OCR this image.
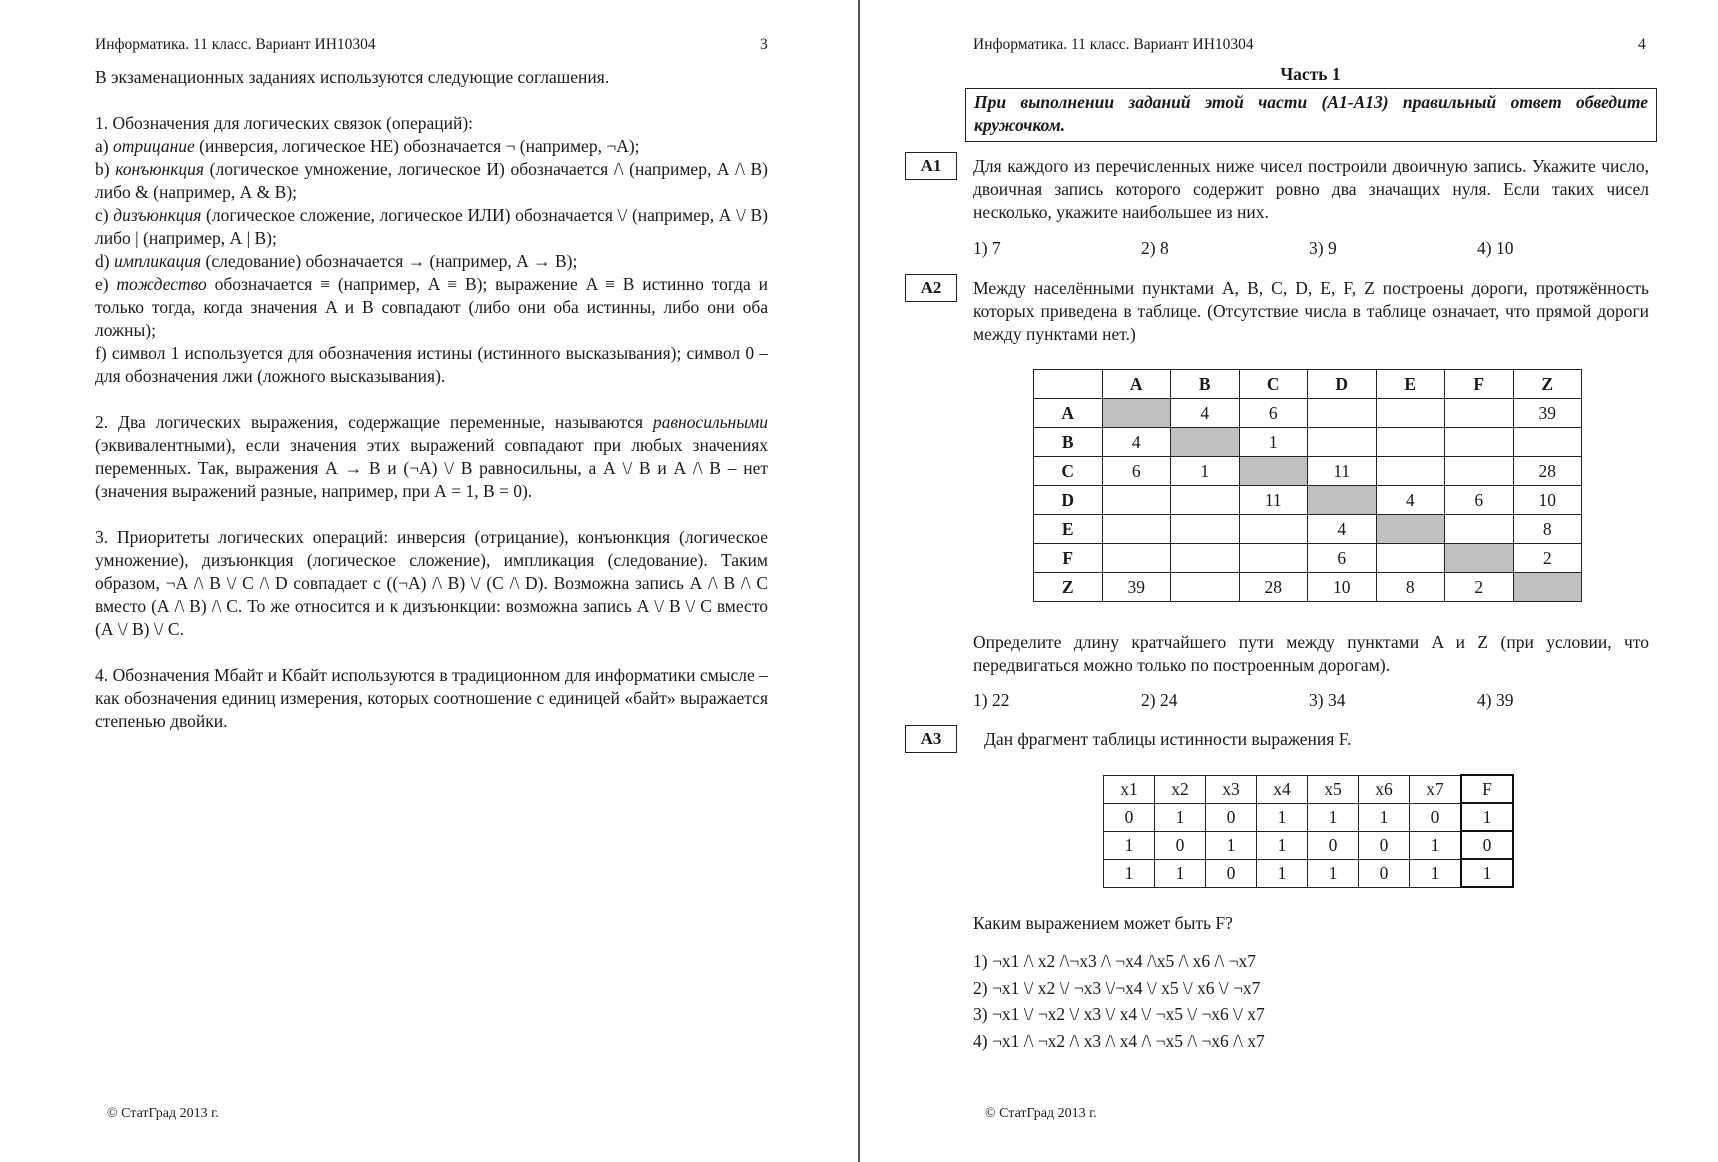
Информатика. 11 класс. Вариант ИН10304	3

В экзаменационных заданиях используются следующие соглашения.

1. Обозначения для логических связок (операций):

a) отрицание (инверсия, логическое НЕ) обозначается ¬ (например, ¬А);

b) конъюнкция (логическое умножение, логическое И) обозначается /\ (например, А /\ В) либо & (например, А & В);

c) дизъюнкция (логическое сложение, логическое ИЛИ) обозначается \/ (например, А \/ В) либо | (например, А | В);

d) импликация (следование) обозначается → (например, А → В);

e) тождество обозначается ≡ (например, A ≡ B); выражение A ≡ B истинно тогда и только тогда, когда значения A и B совпадают (либо они оба истинны, либо они оба ложны);

f) символ 1 используется для обозначения истины (истинного высказывания); символ 0 – для обозначения лжи (ложного высказывания).

2. Два логических выражения, содержащие переменные, называются равносильными (эквивалентными), если значения этих выражений совпадают при любых значениях переменных. Так, выражения А → В и (¬А) \/ В равносильны, а А \/ В и А /\ В – нет (значения выражений разные, например, при А = 1, В = 0).

3. Приоритеты логических операций: инверсия (отрицание), конъюнкция (логическое умножение), дизъюнкция (логическое сложение), импликация (следование). Таким образом, ¬А /\ В \/ С /\ D совпадает с ((¬А) /\ В) \/ (С /\ D). Возможна запись А /\ В /\ С вместо (А /\ В) /\ С. То же относится и к дизъюнкции: возможна запись А \/ В \/ С вместо (А \/ В) \/ С.

4. Обозначения Мбайт и Кбайт используются в традиционном для информатики смысле – как обозначения единиц измерения, которых соотношение с единицей «байт» выражается степенью двойки.

© СтатГрад 2013 г.
Информатика. 11 класс. Вариант ИН10304	4
Часть 1
При выполнении заданий этой части (А1-А13) правильный ответ обведите кружочком.
А1	Для каждого из перечисленных ниже чисел построили двоичную запись. Укажите число, двоичная запись которого содержит ровно два значащих нуля. Если таких чисел несколько, укажите наибольшее из них.
1) 7	2) 8	3) 9	4) 10
А2	Между населёнными пунктами A, B, C, D, E, F, Z построены дороги, протяжённость которых приведена в таблице. (Отсутствие числа в таблице означает, что прямой дороги между пунктами нет.)
	A	B	C	D	E	F	Z
A		4	6				39
B	4		1				
C	6	1		11			28
D			11		4	6	10
E				4			8
F				6			2
Z	39		28	10	8	2	
Определите длину кратчайшего пути между пунктами A и Z (при условии, что передвигаться можно только по построенным дорогам).
1) 22	2) 24	3) 34	4) 39
А3	Дан фрагмент таблицы истинности выражения F.
x1	x2	x3	x4	x5	x6	x7	F
0	1	0	1	1	1	0	1
1	0	1	1	0	0	1	0
1	1	0	1	1	0	1	1
Каким выражением может быть F?

1) ¬x1 /\ x2 /\¬x3 /\ ¬x4 /\x5 /\ x6 /\ ¬x7

2) ¬x1 \/ x2 \/ ¬x3 \/¬x4 \/ x5 \/ x6 \/ ¬x7

3) ¬x1 \/ ¬x2 \/ x3 \/ x4 \/ ¬x5 \/ ¬x6 \/ x7

4) ¬x1 /\ ¬x2 /\ x3 /\ x4 /\ ¬x5 /\ ¬x6 /\ x7

© СтатГрад 2013 г.
